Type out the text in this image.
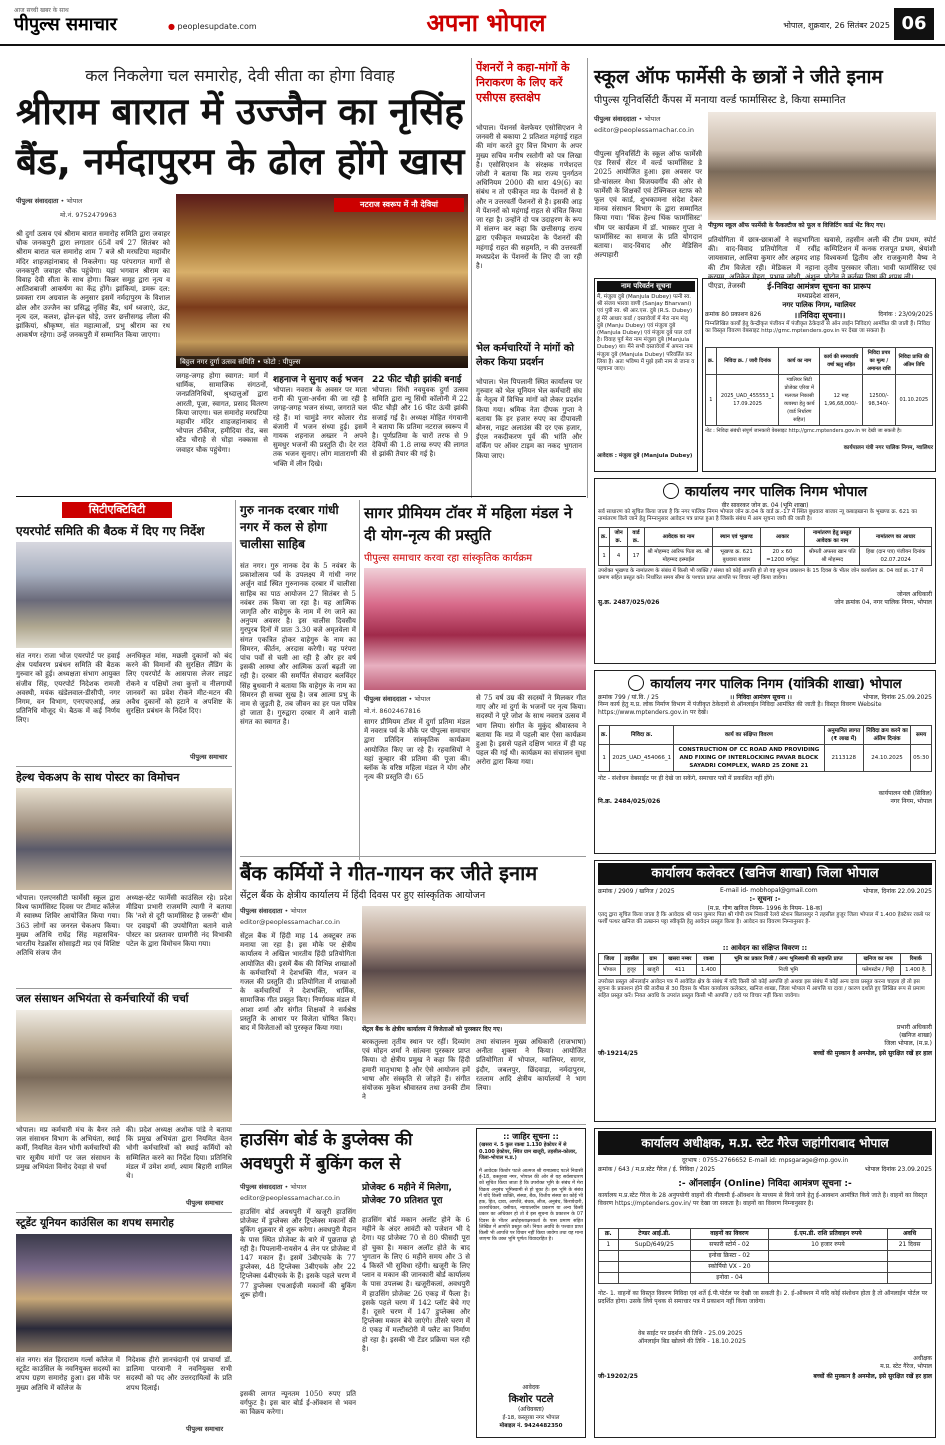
आज सच्ची खबर के साथ
पीपुल्स समाचार	● peoplesupdate.com	अपना भोपाल	भोपाल, शुक्रवार, 26 सितंबर 2025 06
कल निकलेगा चल समारोह, देवी सीता का होगा विवाह
श्रीराम बारात में उज्जैन का नृसिंह
बैंड, नर्मदापुरम के ढोल होंगे खास
पीपुल्स संवाददाता • भोपाल
मो.नं. 9752479963
नटराज स्वरूप में नौ देवियां
बिठ्ठल नगर दुर्गा उत्सव समिति • फोटो : पीपुल्स
श्री दुर्गा उत्सव एवं श्रीराम बारात समारोह समिति द्वारा जवाहर चौक जनकपुरी द्वारा लगातार 65वें वर्ष 27 सितंबर को श्रीराम बारात चल समारोह शाम 7 बजे श्री मरघटिया महावीर मंदिर शाहजहांनाबाद से निकलेगा। यह परंपरागत मार्गों से जनकपुरी जवाहर चौक पहुंचेगा। यहां भगवान श्रीराम का विवाह देवी सीता के साथ होगा। किन्नर समूह द्वारा नृत्य व आतिशबाजी आकर्षण का केंद्र होंगे। झांकियां, डमरू दल: प्रवक्ता राम अग्रवाल के अनुसार इसमें नर्मदापुरम के विशाल ढोल और उज्जैन का प्रसिद्ध नृसिंह बैंड, धर्म ध्वजाएं, ऊंट, नृत्य दल, कलश, ढ़ोल-ढ़ल घोड़े, उत्तर छत्तीसगढ़ लीला की झांकियां, श्रीकृष्ण, संत महात्माओं, प्रभु श्रीराम का रथ आकर्षण रहेगा। उन्हें जनकपुरी में सम्मानित किया जाएगा।
जगह-जगह होगा स्वागत: मार्ग में धार्मिक, सामाजिक संगठनों, जनप्रतिनिधियों, श्रृध्दालुओं द्वारा आरती, पूजा, स्वागत, प्रसाद वितरण किया जाएगा। चल समारोह मरघटिया महावीर मंदिर शाहजहांनाबाद से भोपाल टॉकीज, हमीदिया रोड, बस स्टैंड चौराहे से घोड़ा नक्कास से जवाहर चौक पहुंचेगा।
शहनाज ने सुनाए कई भजन
भोपाल। नवरात्र के अवसर पर माता रानी की पूजा-अर्चना की जा रही है जगह-जगह भजन संध्या, जगराते चल रहे हैं। मां चामुंडे नगर कोलार रोड बंजारी में भजन संध्या हुई। इसमें गायक शहनाज अख्तर ने अपने सुमधुर भजनों की प्रस्तुति दी। देर रात तक भजन सुनाए। लोग माताराणी की भक्ति में लीन दिखे।
22 फीट चौड़ी झांकी बनाई
भोपाल। सिंधी नवयुवक दुर्गा उत्सव समिति द्वारा न्यू सिंधी कॉलोनी में 22 फीट चौड़ी और 16 फीट ऊंची झांकी सजाई गई है। अध्यक्ष मोहित गंगवानी ने बताया कि प्रतिमा नटराज स्वरूप में है। पूर्णप्रतिमा के चारों तरफ से 9 देवियों की 1.8 लाख रुपए की लागत से झांकी तैयार की गई है।
पेंशनरों ने कहा-मांगों के निराकरण के लिए करें एसीएस हस्तक्षेप
भोपाल। पेंशनर्स वेलफेयर एसोसिएशन ने जनवरी से बकाया 2 प्रतिशत महंगाई राहत की मांग करते हुए वित्त विभाग के अपर मुख्य सचिव मनीष रस्तोगी को पत्र लिखा है। एसोसिएशन के संरक्षक गणेशदत्त जोशी ने बताया कि मप्र राज्य पुनर्गठन अधिनियम 2000 की धारा 49(6) का संबंध न तो एकीकृत मप्र के पेंशनरों से है और न उत्तरवर्ती पेंशनरों से है। इसकी आड़ में पेंशनरों को महंगाई राहत से वंचित किया जा रहा है। उन्होंने दो पत्र उदाहरण के रूप में संलग्न कर कहा कि छत्तीसगढ़ राज्य द्वारा एकीकृत मध्यप्रदेश के पेंशनरों की महंगाई राहत की सहमति, न की उत्तरवर्ती मध्यप्रदेश के पेंशनरों के लिए दी जा रही है।
भेल कर्मचारियों ने मांगों को लेकर किया प्रदर्शन
भोपाल। भेल पिपलानी स्थित कार्यालय पर गुरुवार को भेल यूनियन भेल कर्मचारी संघ के नेतृत्व में विभिन्न मांगों को लेकर प्रदर्शन किया गया। श्रमिक नेता दीपक गुप्ता ने बताया कि हर हजार रुपए का दीपावली बोनस, नाइट अलाउंस की दर एक हजार, ईएल नकदीकरण पूर्व की भांति और वर्किंग पर ऑवर टाइम का नकद भुगतान किया जाए।
स्कूल ऑफ फार्मेसी के छात्रों ने जीते इनाम
पीपुल्स यूनिवर्सिटी कैंपस में मनाया वर्ल्ड फार्मासिस्ट डे, किया सम्मानित
पीपुल्स संवाददाता • भोपाल
editor@peoplessamachar.co.in
पीपुल्स स्कूल ऑफ फार्मेसी के फैकल्टीज को फूल व विजिटिंग कार्ड भेंट किए गए।
पीपुल्स यूनिवर्सिटी के स्कूल ऑफ फार्मेसी एंड रिसर्च सेंटर में वर्ल्ड फार्मासिस्ट डे 2025 आयोजित हुआ। इस अवसर पर प्रो-चांसलर मेधा विजयवर्गीय की ओर से फार्मेसी के शिक्षकों एवं टेक्निकल स्टाफ को फूल एवं कार्ड, शुभकामना संदेश देकर मानव संसाधन विभाग के द्वारा सम्मानित किया गया। 'थिंक हेल्थ थिंक फार्मासिस्ट' थीम पर कार्यक्रम में डॉ. भास्कर गुप्ता ने फार्मासिस्ट का समाज के प्रति योगदान बताया। वाद-विवाद और मेडिसिन अल्पाहारी
प्रतियोगिता में छात्र-छात्राओं ने सहभागिता की। वाद-विवाद प्रतियोगिता में रवींद्र जायसवाल, आलिया कुमार और अहमद शाह की टीम विजेता रही। मेडिकल में नहाना करयम, अनिकेत मेहरा, प्रभाव जोशी, अंशुल पीएडा, तेजस्वी
खवासे, तहसीन अली की टीम प्रथम, स्पोर्ट कम्पिटिशन में कनक राजपूत प्रथम, श्रेयांशी विश्वकर्मा द्वितीय और राजकुमारी वैष्य ने तृतीय पुरस्कार जीता। भावी फार्मासिस्ट एवं प्रोटोन ने कर्तव्य निष्ठा की शपथ ली।
नाम परिवर्तन सूचना
मैं, मंजुला दुबे (Manjula Dubey) पत्नी स्व. श्री संजय भारवा वाणी (Sanjay Bharvani) एवं पुत्री स्व. श्री आर.एस. दुबे (R.S. Dubey) हूं मेरे आधार कार्ड / दस्तावेजों में मेरा नाम मंजु दुबे (Manju Dubey) एवं मंजुला दुबे (Manjula Dubey) एवं मंजुला दुबे पाल दर्ज है। विवाह पूर्व मेरा नाम मंजुला दुबे (Manjula Dubey) था। मैंने सभी दस्तावेजों में अपना नाम मंजुला दुबे (Manjula Dubey) परिवर्तित कर लिया है। अतः भविष्य में मुझे इसी नाम से जाना व पहचाना जाए।
आवेदक : मंजुला दुबे (Manjula Dubey)
ई-निविदा आमंत्रण सूचना का प्रारूप
मध्यप्रदेश शासन,
नगर पालिक निगम, ग्वालियर
क्रमांक 80 प्रकाशन 826	।।निविदा सूचना।।	दिनांक : 23/09/2025
निम्नलिखित कार्यों हेतु केन्द्रीकृत पंजीयन में पंजीकृत ठेकेदारों से ऑन लाईन निविदाएं आमंत्रित की जाती हैं। निविदा का विस्तृत विवरण वेबसाइट http://gmc.mptenders.gov.in पर देखा जा सकता है।
क्र.	निविदा क्र. / जारी दिनांक	कार्य का नाम	कार्य की समयावधि वर्षा ऋतु सहित	निविदा प्रपत्र का मूल्य / अमानत राशि	निविदा प्राप्ति की अंतिम तिथि
1	2025_UAD_455553_1 17.09.2025	ग्वालियर सिटी प्रोजेक्ट एरिया में मलजल निकासी व्यवस्था हेतु कार्य (वार्ड निर्धारण सहित)	12 माह 1,96,68,000/-	12500/- 98,340/-	01.10.2025
नोट : निविदा संबंधी संपूर्ण जानकारी वेबसाइट http://gmc.mptenders.gov.in पर देखी जा सकती है।
कार्यपालन यंत्री नगर पालिक निगम, ग्वालियर
कार्यालय नगर पालिक निगम भोपाल
वीर सावरकर जोन क्र. 04 (भूमि शाखा)
सर्व साधारण को सूचित किया जाता है कि नगर पालिक निगम भोपाल जोन क्र.04 के वार्ड क्र.-17 में स्थित बुधवारा बाजार न्यू कबाड़खाना के भूखण्ड क्र. 621 का नामांतरण किये जाने हेतु निम्नानुसार आवेदन पत्र प्राप्त हुआ है जिसके संबंध में आम सूचना जारी की जाती है।
क्र.	जोन क्र.	वार्ड क्र.	आवेदक का नाम	स्थान एवं भूखण्ड	आकार	नामांतरण हेतु प्रस्तुत आवेदक का नाम	नामांतरण का आधार
1	4	17	श्री मोहम्मद आरिफ पिता स्व. श्री मोहम्मद इस्माईल	भूखण्ड क्र. 621 बुधवारा बाजार	20 x 60 =1200 वर्गफुट	श्रीमती अफसा खान पति श्री मोहम्मद	हिबा (दान पत्र) पंजीयन दिनांक 02.07.2024
उपरोक्त भूखण्ड के नामांतरण के संबंध में किसी भी व्यक्ति / संस्था को कोई आपत्ति हो तो वह सूचना प्रकाशन के 15 दिवस के भीतर जोन कार्यालय क्र. 04 वार्ड क्र.-17 में प्रमाण सहित प्रस्तुत करे। निर्धारित समय सीमा के पश्चात प्राप्त आपत्ति पर विचार नहीं किया जावेगा।
सु.क्र. 2487/025/026
जोनल अधिकारी
जोन क्रमांक 04, नगर पालिक निगम, भोपाल
कार्यालय नगर पालिक निगम (यांत्रिकी शाखा) भोपाल
क्रमांक 799 / यां.वि. / 25	।। निविदा आमंत्रण सूचना ।।	भोपाल, दिनांक 25.09.2025
निम्न कार्य हेतु म.प्र. लोक निर्माण विभाग में पंजीकृत ठेकेदारों से ऑनलाईन निविदा आमंत्रित की जाती है। विस्तृत विवरण Website https://www.mptenders.gov.in पर देखें।
क्र.	निविदा क्र.	कार्य का संक्षिप्त विवरण	अनुमानित लागत (₹ लाख में)	निविदा क्रय करने का अंतिम दिनांक	समय
1	2025_UAD_454066_1	CONSTRUCTION OF CC ROAD AND PROVIDING AND FIXING OF INTERLOCKING PAVAR BLOCK SAYADRI COMPLEX, WARD 25 ZONE 21	2113128	24.10.2025	05:30
नोट - संशोधन वेबसाईट पर ही देखे जा सकेंगे, समाचार पत्रों में प्रकाशित नहीं होंगे।
नि.क्र. 2484/025/026
कार्यपालन यंत्री (सिविल)
नगर निगम, भोपाल
कार्यालय कलेक्टर (खनिज शाखा) जिला भोपाल
क्रमांक / 2909 / खनिज / 2025	E-mail id- mobhopal@gmail.com	भोपाल, दिनांक 22.09.2025
:- सूचना :-
(म.प्र. गौण खनिज नियम- 1996 के नियम- 18-क)
एतद् द्वारा सूचित किया जाता है कि आवेदक श्री पवन कुमार पिता श्री गोपी राम निवासी रेलवे स्टेशन बिलासपुर ने तहसील हुजूर जिला भोपाल में 1.400 हेक्टेयर रकबे पर फर्शी पत्थर खनिज की उत्खनन पट्टा स्वीकृति हेतु आवेदन प्रस्तुत किया है। आवेदन का विवरण निम्नानुसार है-
:: आवेदन का संक्षिप्त विवरण ::
जिला	तहसील	ग्राम	खसरा नम्बर	रकबा	भूमि का प्रकार निजी / अन्य भूमिस्वामी की सहमति प्राप्त	खनिज का नाम	रिमार्क
भोपाल	हुजूर	खजूरी	411	1.400	निजी भूमि	फ्लेगस्टोन / गिट्टी	1.400 है.
उपरोक्त प्रस्तुत ऑनलाईन आवेदन पत्र में आवेदित क्षेत्र के संबंध में यदि किसी को कोई आपत्ति हो अथवा इस संबंध में कोई अन्य दावा प्रस्तुत करना चाहता हो तो इस सूचना के प्रकाशन होने की तारीख से 30 दिवस के भीतर कार्यालय कलेक्टर, खनिज शाखा, जिला भोपाल में आपत्ति या दावा / कारण दर्शाते हुए लिखित रूप से प्रमाण सहित प्रस्तुत करें। नियत अवधि के उपरांत प्रस्तुत किसी भी आपत्ति / दावे पर विचार नहीं किया जावेगा।
प्रभारी अधिकारी
(खनिज शाखा)
जिला भोपाल, (म.प्र.)
जी-19214/25	बच्चों की मुस्कान है अनमोल, इसे सुरक्षित रखें हर हाल
कार्यालय अधीक्षक, म.प्र. स्टेट गैरेज जहांगीराबाद भोपाल
दूरभाष : 0755-2766652 E-mail id: mpsgarage@mp.gov.in
क्रमांक / 643 / म.प्र.स्टेट गैरेज / ई. निविदा / 2025	भोपाल दिनांक 23.09.2025
:- ऑनलाईन (Online) निविदा आमंत्रण सूचना :-
कार्यालय म.प्र.स्टेट गैरेज के 28 अनुपयोगी वाहनों की नीलामी ई-ऑक्शन के माध्यम से किये जाने हेतु ई-आक्शन आमंत्रित किये जाते है। वाहनों का विस्तृत विवरण https://mptenders.gov.in/ पर देखा जा सकता है। वाहनों का विवरण निम्नानुसार है।
क्र.	टेण्डर आई.डी.	वाहनों का विवरण	ई.एम.डी. राशि प्रतिवाहन रुपये	अवधि
1	SupD/649/25	सफारी स्टोर्म - 02	10 हजार रुपये	21 दिवस
		इनोवा क्रिस्टा - 02		
		स्कोर्पियो VX - 20		
		इनोवा - 04		
नोट- 1. वाहनों का विस्तृत विवरण निविदा एवं शर्ते ई.पी.पोर्टल पर देखी जा सकती है। 2. ई-ऑक्शन में यदि कोई संशोधन होता है तो ऑनलाईन पोर्टल पर प्रदर्शित होगा। उसके लिये पृथक से समाचार पत्र में प्रकाशन नहीं किया जावेगा।
वेब साईट पर प्रदर्शन की तिथि - 25.09.2025
ऑनलाईन बिड खोलने की तिथि - 18.10.2025
अधीक्षक
म.प्र. स्टेट गैरेज, भोपाल
जी-19202/25	बच्चों की मुस्कान है अनमोल, इसे सुरक्षित रखें हर हाल
सिटीएक्टिविटी
एयरपोर्ट समिति की बैठक में दिए गए निर्देश
संत नगर। राजा भोज एयरपोर्ट पर हवाई क्षेत्र पर्यावरण प्रबंधन समिति की बैठक गुरुवार को हुई। अध्यक्षता संभाग आयुक्त संजीव सिंह, एयरपोर्ट निदेशक रामजी अवस्थी, मयंक खंडेलवाल-डीसीपी, नगर निगम, वन विभाग, एनएचएआई, अन्न प्रतिनिधि मौजूद थे। बैठक में कई निर्णय लिए।
अनधिकृत मांस, मछली दुकानों को बंद करने की विमानों की सुरक्षित लैंडिंग के लिए एयरपोर्ट के आसपास लेजर लाइट रोकने व पक्षियों तथा कुत्तों व नीलगायों जानवरों का प्रवेश रोकने मीट-मटन की अवैध दुकानों को हटाने व अपशिष्ट के सुरक्षित प्रबंधन के निर्देश दिए।
पीपुल्स समाचार
हेल्थ चेकअप के साथ पोस्टर का विमोचन
भोपाल। एलएनसीटी फार्मेसी स्कूल द्वारा विश्व फार्मासिस्ट दिवस पर टीमाट कॉलेज में स्वास्थ्य शिविर आयोजित किया गया। 363 लोगों का जनरल चेकअप किया। मुख्य अतिथि राघेंद्र सिंह महासचिव-भारतीय रेडक्रॉस सोसाइटी मप्र एवं विशिष्ट अतिथि संजय जैन
अध्यक्ष-स्टेट फार्मेसी काउंसिल रहे। प्रदेश मीडिया प्रभारी राजमणि त्यागी ने बताया कि 'नशे से दूरी फार्मासिस्ट है जरूरी' थीम पर दवाइयों की उपयोगिता बताने वाले पोस्टर का प्रस्तावर ग्रामगीरी नंद विभाकी पटेल के द्वारा विमोचन किया गया।
जल संसाधन अभियंता से कर्मचारियों की चर्चा
भोपाल। मप्र कर्मचारी मंच के बैनर तले जल संसाधन विभाग के अभियंता, स्थाई कर्मी, नियमित वेतन भोगी कर्मचारियों की चार सूत्रीय मांगों पर जल संसाधन के प्रमुख अभियंता विनोद देवड़ा से चर्चा
की। प्रदेश अध्यक्ष अशोक पांडे ने बताया कि प्रमुख अभियंता द्वारा नियमित वेतन भोगी कर्मचारियों को स्थाई कर्मियों को सम्मिलित करने का निर्देश दिया। प्रतिनिधि मंडल में उमेश शर्मा, श्याम बिहारी शामिल थे।
पीपुल्स समाचार
स्टूडेंट यूनियन काउंसिल का शपथ समारोह
संत नगर। संत हिरदाराम गर्ल्स कॉलेज में स्टूडेंट काउंसिल के नवनियुक्त सदस्यों का शपथ ग्रहण समारोह हुआ। इस मौके पर मुख्य अतिथि में कॉलेज के
निदेशक हीरो ज्ञानचंदानी एवं प्राचार्या डॉ. डालिमा पारवानी ने नवनियुक्त सभी सदस्यों को पद और उत्तरदायित्वों के प्रति शपथ दिलाई।
पीपुल्स समाचार
गुरु नानक दरबार गांधी नगर में कल से होगा चालीसा साहिब
संत नगर। गुरु नानक देव के 5 नवंबर के प्रकाशोत्सव पर्व के उपलक्ष्य में गांधी नगर अर्जुन वार्ड स्थित गुरुनानक दरबार में चालीसा साहिब का पाठ आयोजन 27 सितंबर से 5 नवंबर तक किया जा रहा है। यह आत्मिक जागृति और वाहेगुरु के नाम में रंग जाने का अनुपम अवसर है। इस चालीस दिवसीय गुरपुरब दिनों में प्रातः 3.30 बजे अमृतवेला में संगत एकत्रित होकर वाहेगुरु के नाम का सिमरन, कीर्तन, अरदास करेगी। यह परंपरा पांच पर्वों से चली आ रही है और हर वर्ष इसकी आस्था और आत्मिक ऊर्जा बढ़ती जा रही है। दरबार की समर्पित सेवादार बलविंदर सिंह बुधवानी ने बताया कि वाहेगुरु के नाम का सिमरन ही सच्चा सुख है। जब आत्मा प्रभु के नाम से जुड़ती है, तब जीवन का हर पल पवित्र हो जाता है। गुरुद्वारा दरबार में आने वाली संगत का स्वागत है।
सागर प्रीमियम टॉवर में महिला मंडल ने दी योग-नृत्य की प्रस्तुति
पीपुल्स समाचार करवा रहा सांस्कृतिक कार्यक्रम
पीपुल्स संवाददाता • भोपाल
मो.नं. 8602467816
सागर प्रीमियम टॉवर में दुर्गा प्रतिमा मंडल में नवरात्र पर्व के मौके पर पीपुल्स समाचार द्वारा प्रतिदिन सांस्कृतिक कार्यक्रम आयोजित किए जा रहे हैं। रहवासियों ने यहां कुम्हार की प्रतिमा की पूजा की। ब्लॉक के वरिष्ठ महिला मंडल ने योग और नृत्य की प्रस्तुति दी। 65
से 75 वर्ष उम्र की सदस्यों ने मिलकर गीत गाए और मां दुर्गा के भजनों पर नृत्य किया। सदस्यों ने पूरे जोश के साथ नवरात्र उत्सव में भाग लिया। संगीत के मुकुंद श्रीवास्तव ने बताया कि मप्र में पहली बार ऐसा कार्यक्रम हुआ है। इससे पहले दक्षिण भारत में ही यह पहल की गई थी। कार्यक्रम का संचालन सुधा अरोरा द्वारा किया गया।
बैंक कर्मियों ने गीत-गायन कर जीते इनाम
सेंट्रल बैंक के क्षेत्रीय कार्यालय में हिंदी दिवस पर हुए सांस्कृतिक आयोजन
पीपुल्स संवाददाता • भोपाल
editor@peoplessamachar.co.in
सेंट्रल बैंक में हिंदी माह 14 अक्टूबर तक मनाया जा रहा है। इस मौके पर क्षेत्रीय कार्यालय ने अखिल भारतीय हिंदी प्रतियोगिता आयोजित की। इसमें बैंक की विभिन्न शाखाओं के कर्मचारियों ने देशभक्ति गीत, भजन व गजल की प्रस्तुति दी। प्रतियोगिता में शाखाओं के कर्मचारियों ने देशभक्ति, धार्मिक, सामाजिक गीत प्रस्तुत किए। निर्णायक मंडल में आशा शर्मा और संगीत शिक्षकों ने सर्वश्रेष्ठ प्रस्तुति के आधार पर विजेता घोषित किए। बाद में विजेताओं को पुरस्कृत किया गया।	सेंट्रल बैंक के क्षेत्रीय कार्यालय में विजेताओं को पुरस्कार दिए गए।
बरकतुल्ला तृतीय स्थान पर रहीं। दिव्यांग एवं मोहन शर्मा ने सांत्वना पुरस्कार प्राप्त किया। दो क्षेत्रीय प्रमुख ने कहा कि हिंदी हमारी मातृभाषा है और ऐसे आयोजन हमें भाषा और संस्कृति से जोड़ते हैं। संगीत संयोजक मुकेश श्रीवास्तव तथा उनकी टीम ने
तथा संचालन मुख्य अधिकारी (राजभाषा) अनीता शुक्ला ने किया। आयोजित प्रतियोगिता में भोपाल, ग्वालियर, सागर, इंदौर, जबलपुर, छिंदवाड़ा, नर्मदापुरम, रतलाम आदि क्षेत्रीय कार्यालयों ने भाग लिया।
हाउसिंग बोर्ड के डुप्लेक्स की अवधपुरी में बुकिंग कल से
पीपुल्स संवाददाता • भोपाल
editor@peoplessamachar.co.in
हाउसिंग बोर्ड अवधपुरी में खजूरी हाउसिंग प्रोजेक्ट में डुप्लेक्स और ट्रिप्लेक्स मकानों की बुकिंग शुक्रवार से शुरू करेगा। अवधपुरी मैदान के पास स्थित प्रोजेक्ट के बारे में पूछताछ हो रही है। पिपलानी-रायसेन 4 लेन पर प्रोजेक्ट में 147 मकान हैं। इसमें 3बीएचके के 77 डुप्लेक्स, 48 ट्रिप्लेक्स 3बीएचके और 22 ट्रिप्लेक्स 4बीएचके के हैं। इसके पहले चरण में 77 डुप्लेक्स एचआईजी मकानों की बुकिंग शुरू होगी।
इसकी लागत न्यूनतम 1050 रुपए प्रति वर्गफुट है। इस बार बोर्ड ई-ऑक्शन से भवन का विक्रय करेगा।
प्रोजेक्ट 6 महीने में मिलेगा, प्रोजेक्ट 70 प्रतिशत पूरा
हाउसिंग बोर्ड मकान अलॉट होने के 6 महीने के अंदर आवंटी को पजेशन भी दे देगा। यह प्रोजेक्ट 70 से 80 फीसदी पूरा हो चुका है। मकान अलॉट होते के बाद भुगतान के लिए 6 महीने समय और 3 से 4 किस्तें भी सुविधा रहेंगी। खजूरी के लिए प्लान व मकान की जानकारी बोर्ड कार्यालय के पास उपलब्ध है। खजूरीकलां, अवधपुरी में हाउसिंग प्रोजेक्ट 26 एकड़ में फैला है। इसके पहले चरण में 142 प्लॉट बेचे गए हैं। दूसरे चरण में 147 डुप्लेक्स और ट्रिप्लेक्स मकान बेचे जाएंगे। तीसरे चरण में 8 एकड़ में मल्टीस्टोरी में फ्लैट का निर्माण हो रहा है। इसकी भी टेंडर प्रक्रिया चल रही है।
:: जाहिर सूचना ::
(खसरा नं. 5 कुल रकबा 1.130 हेक्टेयर में से 0.100 हेक्टेयर, स्थित ग्राम खजूरी, तहसील-कोलार, जिला-भोपाल म.प्र.)
मैं आवेदक किशोर पटले आत्मज श्री रामप्रसाद पटले निवासी ई-18, कस्तूरबा नगर, भोपाल की ओर से यह सर्वसाधारण को सूचित किया जाता है कि उपरोक्त भूमि के संबंध में मेरा विक्रय अनुबंध भूमिस्वामी से हो चुका है। इस भूमि के संबंध में यदि किसी व्यक्ति, संस्था, बैंक, वित्तीय संस्था का कोई भी हक, हित, दावा, आपत्ति, बंधक, लीज, अनुबंध, किरायेदारी, उत्तराधिकार, वसीयत, न्यायालयीन प्रकरण या अन्य किसी प्रकार का अधिकार हो तो वे इस सूचना के प्रकाशन के 07 दिवस के भीतर अधोहस्ताक्षरकर्ता के पास प्रमाण सहित लिखित में आपत्ति प्रस्तुत करें। नियत अवधि के पश्चात प्राप्त किसी भी आपत्ति पर विचार नहीं किया जावेगा तथा यह माना जाएगा कि उक्त भूमि पूर्णतः विवादरहित है।
आवेदक
किशोर पटले
(अधिवक्ता)
ई-18, कस्तूरबा नगर भोपाल
मोबाइल नं. 9424482350
